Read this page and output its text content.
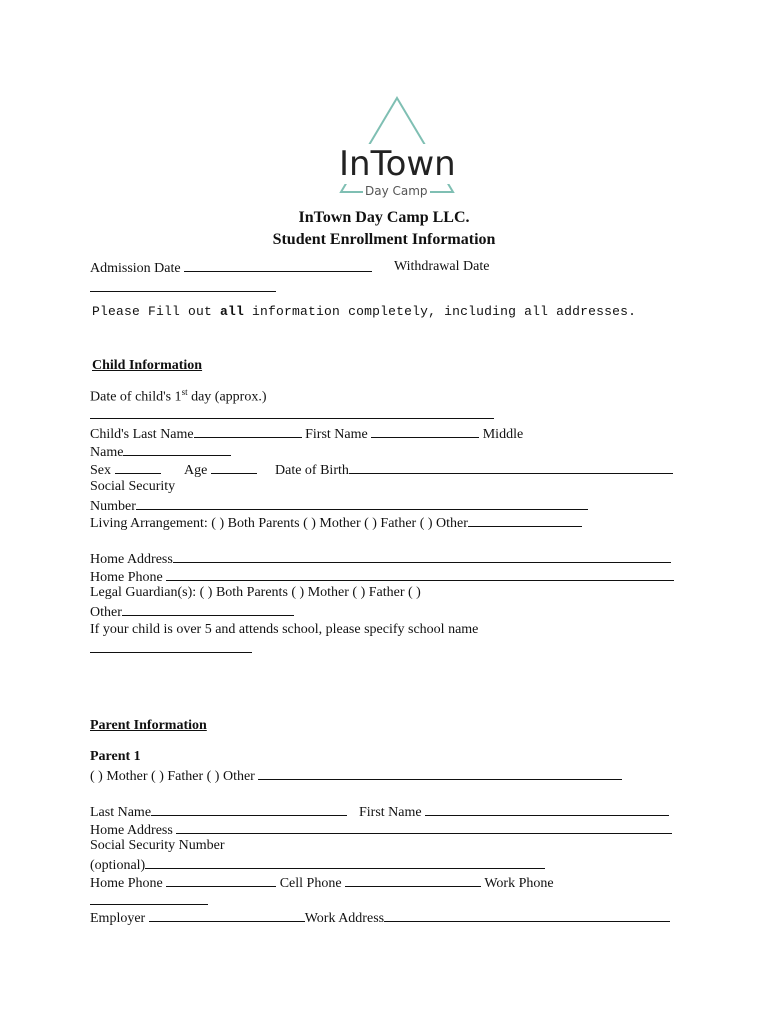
InTown
Day Camp
InTown Day Camp LLC.
Student Enrollment Information
Admission Date	Withdrawal Date
Please Fill out all information completely, including all addresses.
Child Information
Date of child's 1st day (approx.)
Child's Last Name	First Name	Middle
Name
Sex	Age	Date of Birth
Social Security
Number
Living Arrangement: ( ) Both Parents ( ) Mother ( ) Father ( ) Other
Home Address
Home Phone
Legal Guardian(s): ( ) Both Parents ( ) Mother ( ) Father ( )
Other
If your child is over 5 and attends school, please specify school name
Parent Information
Parent 1
( ) Mother ( ) Father ( ) Other
Last Name	First Name
Home Address
Social Security Number
(optional)
Home Phone	Cell Phone	Work Phone
Employer	Work Address
